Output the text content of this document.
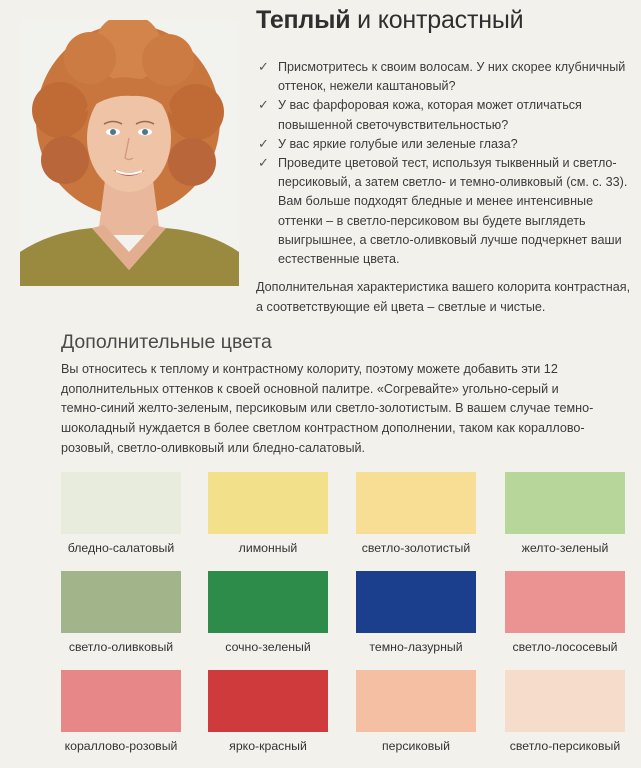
Теплый и контрастный
✓ Присмотритесь к своим волосам. У них скорее клубничный оттенок, нежели каштановый?
✓ У вас фарфоровая кожа, которая может отличаться повышенной светочувствительностью?
✓ У вас яркие голубые или зеленые глаза?
✓ Проведите цветовой тест, используя тыквенный и светло-персиковый, а затем светло- и темно-оливковый (см. с. 33). Вам больше подходят бледные и менее интенсивные оттенки – в светло-персиковом вы будете выглядеть выигрышнее, а светло-оливковый лучше подчеркнет ваши естественные цвета.
Дополнительная характеристика вашего колорита контрастная, а соответствующие ей цвета – светлые и чистые.
Дополнительные цвета
Вы относитесь к теплому и контрастному колориту, поэтому можете добавить эти 12 дополнительных оттенков к своей основной палитре. «Согревайте» угольно-серый и темно-синий желто-зеленым, персиковым или светло-золотистым. В вашем случае темно-шоколадный нуждается в более светлом контрастном дополнении, таком как кораллово-розовый, светло-оливковый или бледно-салатовый.
бледно-салатовый	лимонный	светло-золотистый	желто-зеленый
светло-оливковый	сочно-зеленый	темно-лазурный	светло-лососевый
кораллово-розовый	ярко-красный	персиковый	светло-персиковый
